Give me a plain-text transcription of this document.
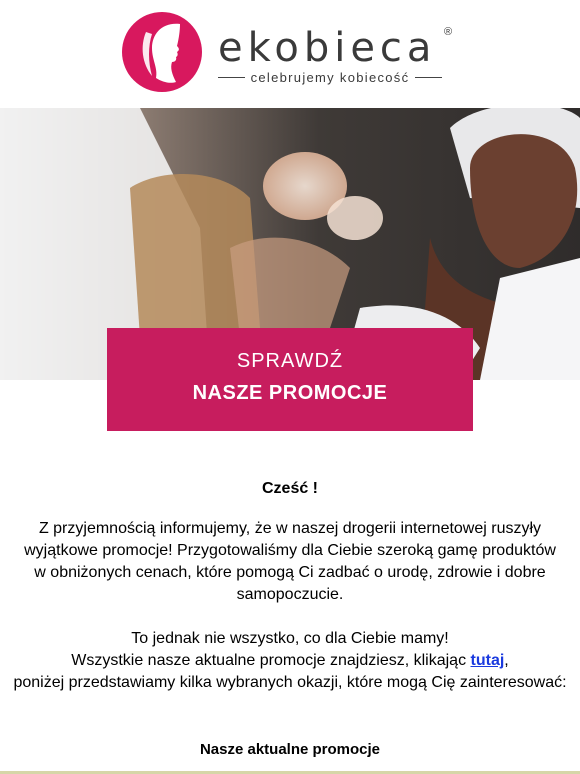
ekobieca ®
celebrujemy kobiecość
SPRAWDŹ
NASZE PROMOCJE
Cześć !
Z przyjemnością informujemy, że w naszej drogerii internetowej ruszyły wyjątkowe promocje! Przygotowaliśmy dla Ciebie szeroką gamę produktów w obniżonych cenach, które pomogą Ci zadbać o urodę, zdrowie i dobre samopoczucie.
To jednak nie wszystko, co dla Ciebie mamy!
Wszystkie nasze aktualne promocje znajdziesz, klikając tutaj,
poniżej przedstawiamy kilka wybranych okazji, które mogą Cię zainteresować:
Nasze aktualne promocje
